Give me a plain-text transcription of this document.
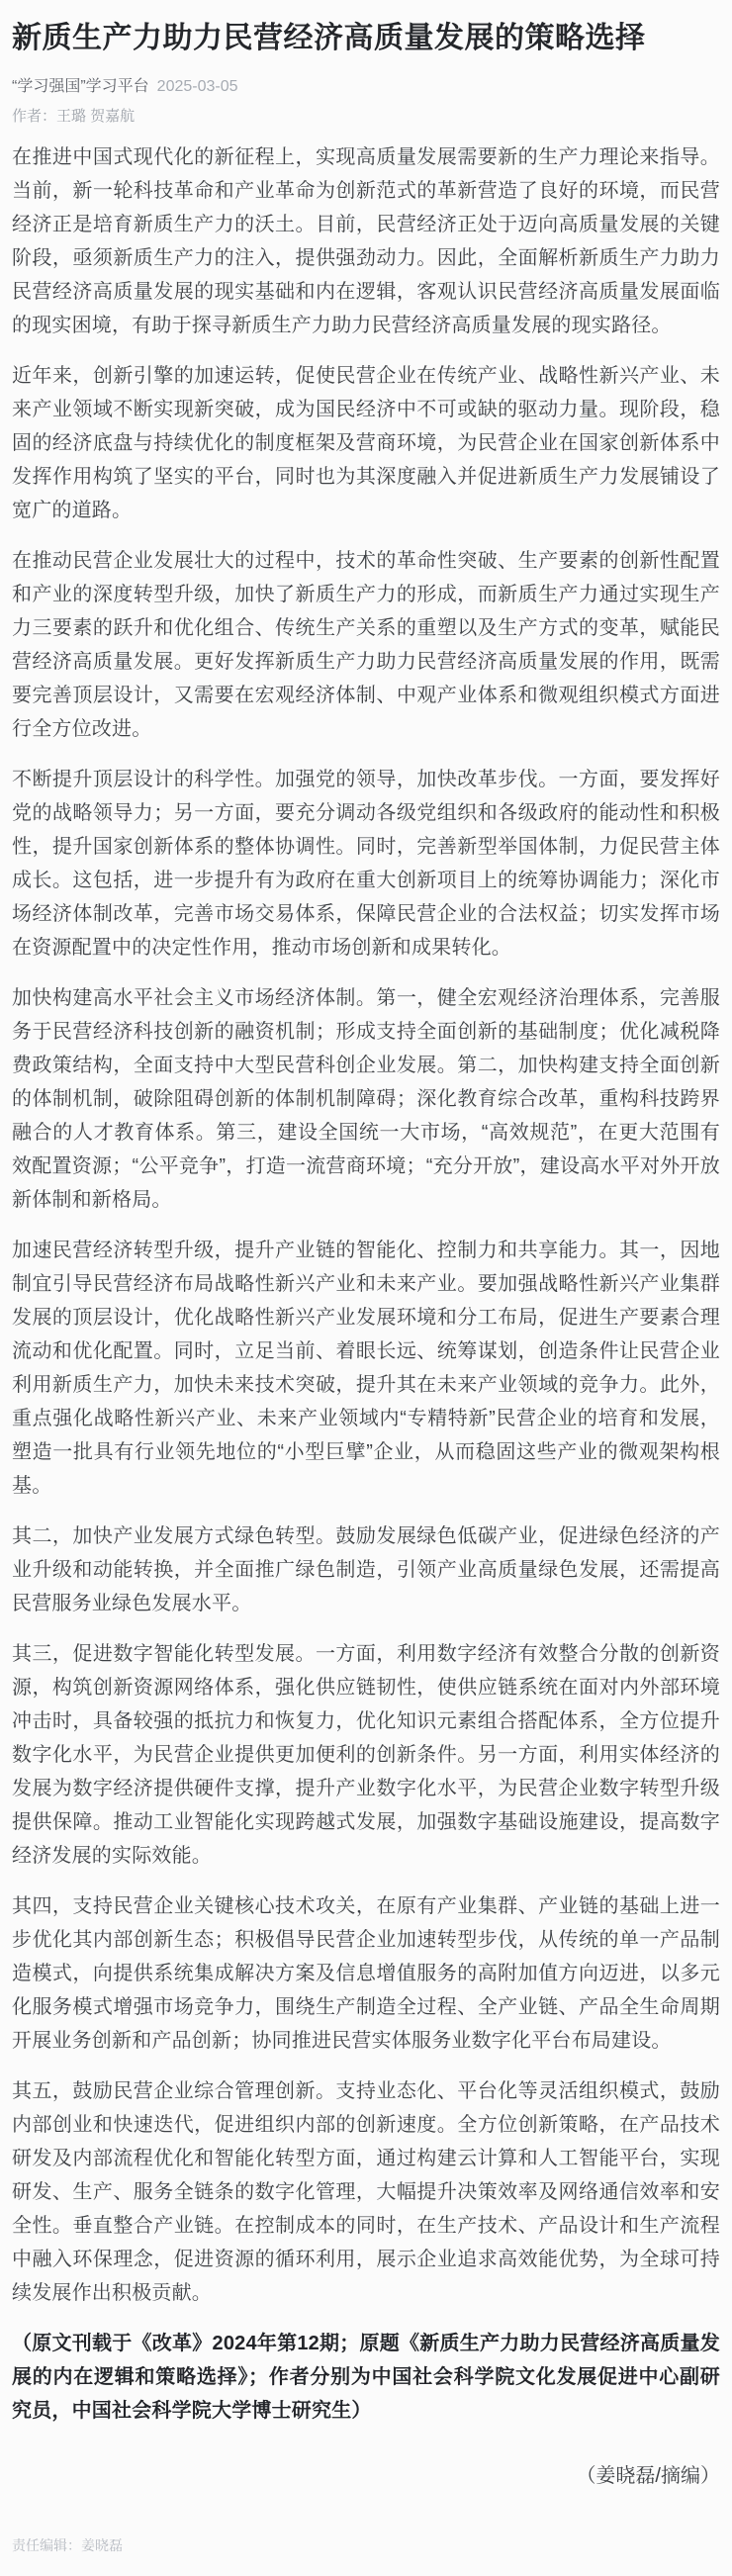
新质生产力助力民营经济高质量发展的策略选择
“学习强国”学习平台 2025-03-05
作者：王璐 贺嘉航

在推进中国式现代化的新征程上，实现高质量发展需要新的生产力理论来指导。当前，新一轮科技革命和产业革命为创新范式的革新营造了良好的环境，而民营经济正是培育新质生产力的沃土。目前，民营经济正处于迈向高质量发展的关键阶段，亟须新质生产力的注入，提供强劲动力。因此，全面解析新质生产力助力民营经济高质量发展的现实基础和内在逻辑，客观认识民营经济高质量发展面临的现实困境，有助于探寻新质生产力助力民营经济高质量发展的现实路径。

近年来，创新引擎的加速运转，促使民营企业在传统产业、战略性新兴产业、未来产业领域不断实现新突破，成为国民经济中不可或缺的驱动力量。现阶段，稳固的经济底盘与持续优化的制度框架及营商环境，为民营企业在国家创新体系中发挥作用构筑了坚实的平台，同时也为其深度融入并促进新质生产力发展铺设了宽广的道路。

在推动民营企业发展壮大的过程中，技术的革命性突破、生产要素的创新性配置和产业的深度转型升级，加快了新质生产力的形成，而新质生产力通过实现生产力三要素的跃升和优化组合、传统生产关系的重塑以及生产方式的变革，赋能民营经济高质量发展。更好发挥新质生产力助力民营经济高质量发展的作用，既需要完善顶层设计，又需要在宏观经济体制、中观产业体系和微观组织模式方面进行全方位改进。

不断提升顶层设计的科学性。加强党的领导，加快改革步伐。一方面，要发挥好党的战略领导力；另一方面，要充分调动各级党组织和各级政府的能动性和积极性，提升国家创新体系的整体协调性。同时，完善新型举国体制，力促民营主体成长。这包括，进一步提升有为政府在重大创新项目上的统筹协调能力；深化市场经济体制改革，完善市场交易体系，保障民营企业的合法权益；切实发挥市场在资源配置中的决定性作用，推动市场创新和成果转化。

加快构建高水平社会主义市场经济体制。第一，健全宏观经济治理体系，完善服务于民营经济科技创新的融资机制；形成支持全面创新的基础制度；优化减税降费政策结构，全面支持中大型民营科创企业发展。第二，加快构建支持全面创新的体制机制，破除阻碍创新的体制机制障碍；深化教育综合改革，重构科技跨界融合的人才教育体系。第三，建设全国统一大市场，“高效规范”，在更大范围有效配置资源；“公平竞争”，打造一流营商环境；“充分开放”，建设高水平对外开放新体制和新格局。

加速民营经济转型升级，提升产业链的智能化、控制力和共享能力。其一，因地制宜引导民营经济布局战略性新兴产业和未来产业。要加强战略性新兴产业集群发展的顶层设计，优化战略性新兴产业发展环境和分工布局，促进生产要素合理流动和优化配置。同时，立足当前、着眼长远、统筹谋划，创造条件让民营企业利用新质生产力，加快未来技术突破，提升其在未来产业领域的竞争力。此外，重点强化战略性新兴产业、未来产业领域内“专精特新”民营企业的培育和发展，塑造一批具有行业领先地位的“小型巨擘”企业，从而稳固这些产业的微观架构根基。

其二，加快产业发展方式绿色转型。鼓励发展绿色低碳产业，促进绿色经济的产业升级和动能转换，并全面推广绿色制造，引领产业高质量绿色发展，还需提高民营服务业绿色发展水平。

其三，促进数字智能化转型发展。一方面，利用数字经济有效整合分散的创新资源，构筑创新资源网络体系，强化供应链韧性，使供应链系统在面对内外部环境冲击时，具备较强的抵抗力和恢复力，优化知识元素组合搭配体系，全方位提升数字化水平，为民营企业提供更加便利的创新条件。另一方面，利用实体经济的发展为数字经济提供硬件支撑，提升产业数字化水平，为民营企业数字转型升级提供保障。推动工业智能化实现跨越式发展，加强数字基础设施建设，提高数字经济发展的实际效能。

其四，支持民营企业关键核心技术攻关，在原有产业集群、产业链的基础上进一步优化其内部创新生态；积极倡导民营企业加速转型步伐，从传统的单一产品制造模式，向提供系统集成解决方案及信息增值服务的高附加值方向迈进，以多元化服务模式增强市场竞争力，围绕生产制造全过程、全产业链、产品全生命周期开展业务创新和产品创新；协同推进民营实体服务业数字化平台布局建设。

其五，鼓励民营企业综合管理创新。支持业态化、平台化等灵活组织模式，鼓励内部创业和快速迭代，促进组织内部的创新速度。全方位创新策略，在产品技术研发及内部流程优化和智能化转型方面，通过构建云计算和人工智能平台，实现研发、生产、服务全链条的数字化管理，大幅提升决策效率及网络通信效率和安全性。垂直整合产业链。在控制成本的同时，在生产技术、产品设计和生产流程中融入环保理念，促进资源的循环利用，展示企业追求高效能优势，为全球可持续发展作出积极贡献。

（原文刊载于《改革》2024年第12期；原题《新质生产力助力民营经济高质量发展的内在逻辑和策略选择》；作者分别为中国社会科学院文化发展促进中心副研究员，中国社会科学院大学博士研究生）

（姜晓磊/摘编）

责任编辑：姜晓磊
